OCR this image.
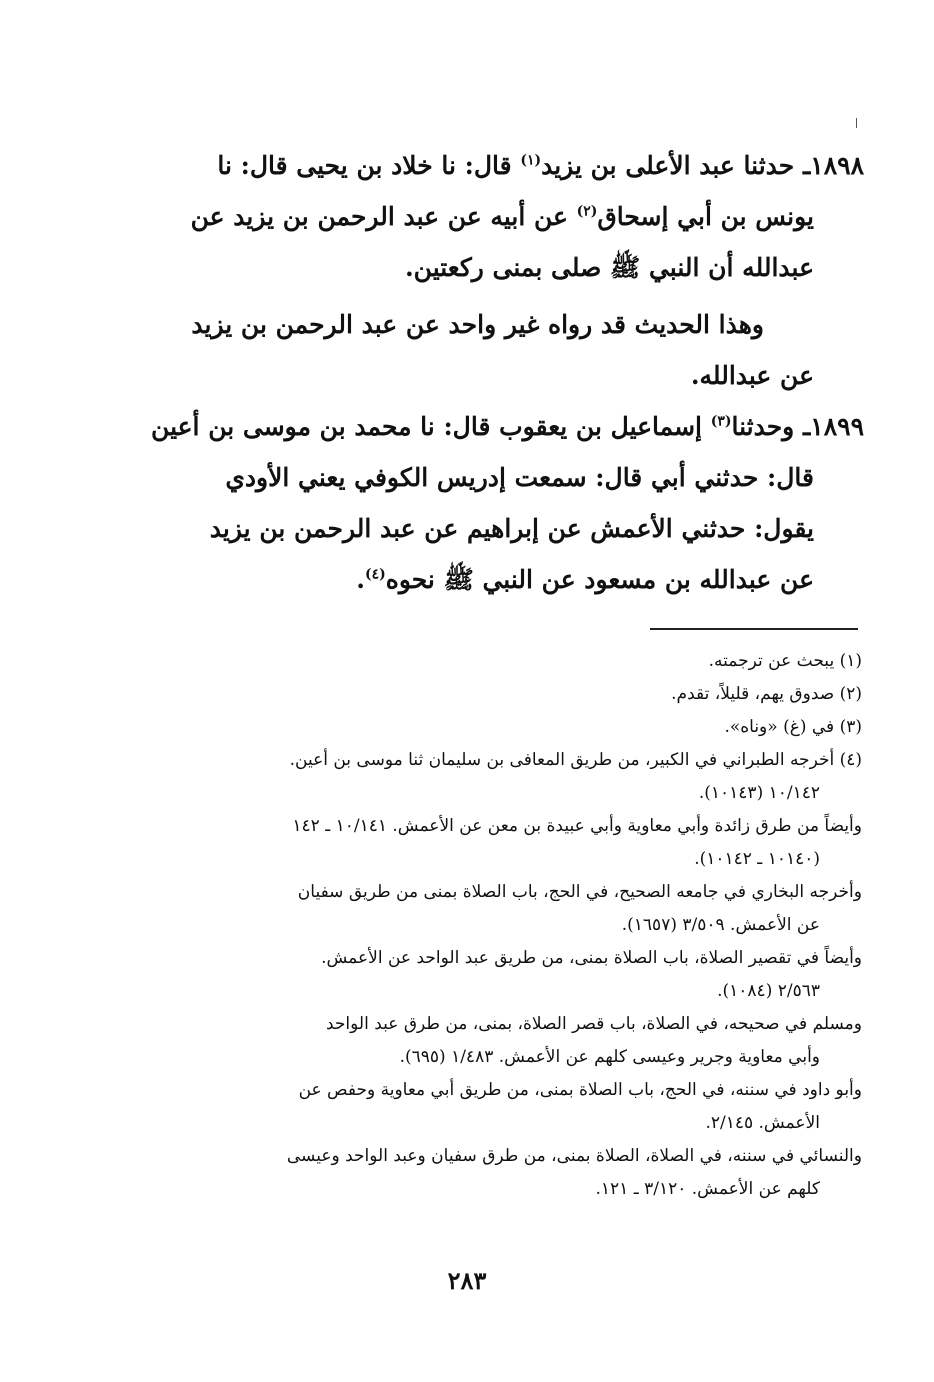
١٨٩٨ـ حدثنا عبد الأعلى بن يزيد$^{(١)}$ قال: نا خلاد بن يحيى قال: نا
يونس بن أبي إسحاق$^{(٢)}$ عن أبيه عن عبد الرحمن بن يزيد عن
عبدالله أن النبي ﷺ صلى بمنى ركعتين.
وهذا الحديث قد رواه غير واحد عن عبد الرحمن بن يزيد
عن عبدالله.
١٨٩٩ـ وحدثنا$^{(٣)}$ إسماعيل بن يعقوب قال: نا محمد بن موسى بن أعين
قال: حدثني أبي قال: سمعت إدريس الكوفي يعني الأودي
يقول: حدثني الأعمش عن إبراهيم عن عبد الرحمن بن يزيد
عن عبدالله بن مسعود عن النبي ﷺ نحوه$^{(٤)}$.
(١) يبحث عن ترجمته.
(٢) صدوق يهم، قليلاً، تقدم.
(٣) في (غ) «وناه».
(٤) أخرجه الطبراني في الكبير، من طريق المعافى بن سليمان ثنا موسى بن أعين.
١٠/١٤٢ (١٠١٤٣).
وأيضاً من طرق زائدة وأبي معاوية وأبي عبيدة بن معن عن الأعمش. ١٠/١٤١ ـ ١٤٢
(١٠١٤٠ ـ ١٠١٤٢).
وأخرجه البخاري في جامعه الصحيح، في الحج، باب الصلاة بمنى من طريق سفيان
عن الأعمش. ٣/٥٠٩ (١٦٥٧).
وأيضاً في تقصير الصلاة، باب الصلاة بمنى، من طريق عبد الواحد عن الأعمش.
٢/٥٦٣ (١٠٨٤).
ومسلم في صحيحه، في الصلاة، باب قصر الصلاة، بمنى، من طرق عبد الواحد
وأبي معاوية وجرير وعيسى كلهم عن الأعمش. ١/٤٨٣ (٦٩٥).
وأبو داود في سننه، في الحج، باب الصلاة بمنى، من طريق أبي معاوية وحفص عن
الأعمش. ٢/١٤٥.
والنسائي في سننه، في الصلاة، الصلاة بمنى، من طرق سفيان وعبد الواحد وعيسى
كلهم عن الأعمش. ٣/١٢٠ ـ ١٢١.
٢٨٣
